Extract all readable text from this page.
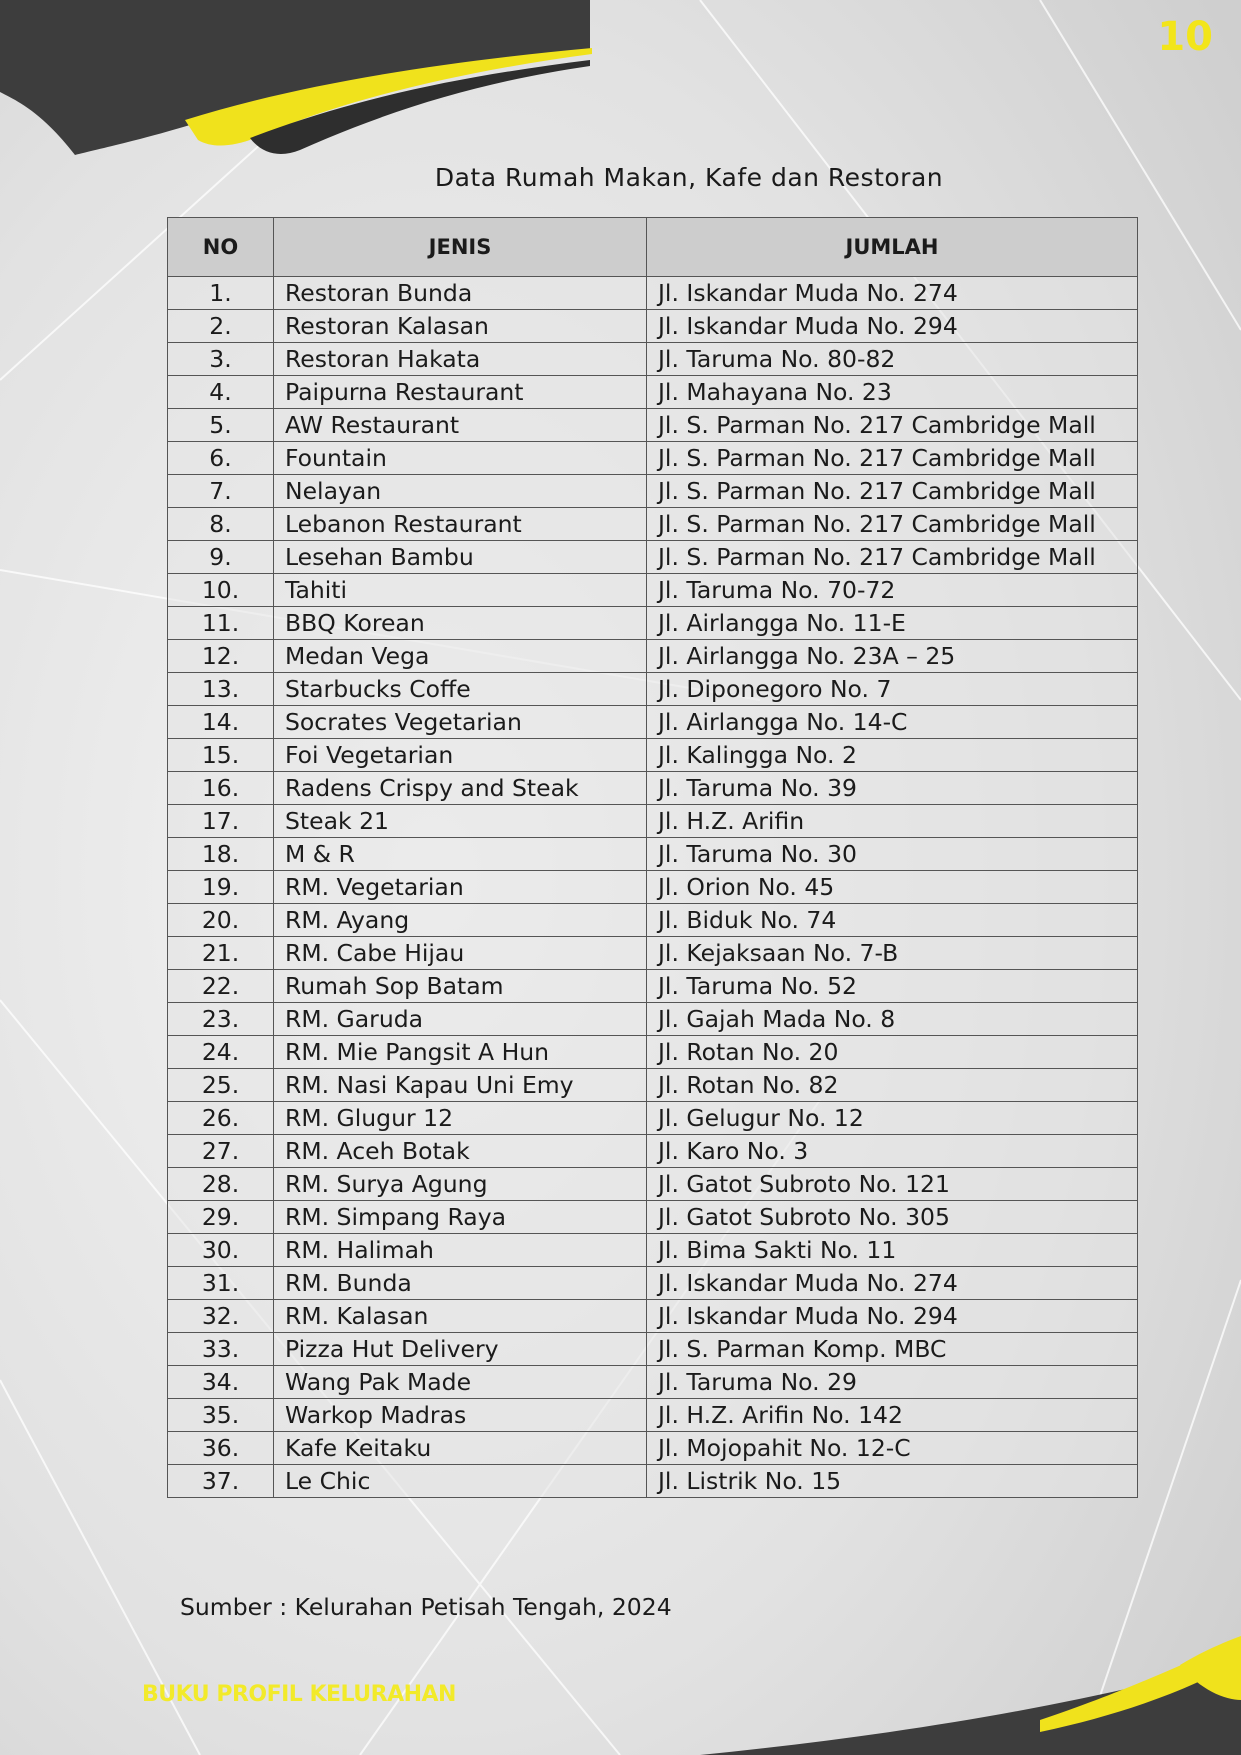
10
Data Rumah Makan, Kafe dan Restoran
NO	JENIS	JUMLAH
1.	Restoran Bunda	Jl. Iskandar Muda No. 274
2.	Restoran Kalasan	Jl. Iskandar Muda No. 294
3.	Restoran Hakata	Jl. Taruma No. 80-82
4.	Paipurna Restaurant	Jl. Mahayana No. 23
5.	AW Restaurant	Jl. S. Parman No. 217 Cambridge Mall
6.	Fountain	Jl. S. Parman No. 217 Cambridge Mall
7.	Nelayan	Jl. S. Parman No. 217 Cambridge Mall
8.	Lebanon Restaurant	Jl. S. Parman No. 217 Cambridge Mall
9.	Lesehan Bambu	Jl. S. Parman No. 217 Cambridge Mall
10.	Tahiti	Jl. Taruma No. 70-72
11.	BBQ Korean	Jl. Airlangga No. 11-E
12.	Medan Vega	Jl. Airlangga No. 23A – 25
13.	Starbucks Coffe	Jl. Diponegoro No. 7
14.	Socrates Vegetarian	Jl. Airlangga No. 14-C
15.	Foi Vegetarian	Jl. Kalingga No. 2
16.	Radens Crispy and Steak	Jl. Taruma No. 39
17.	Steak 21	Jl. H.Z. Arifin
18.	M & R	Jl. Taruma No. 30
19.	RM. Vegetarian	Jl. Orion No. 45
20.	RM. Ayang	Jl. Biduk No. 74
21.	RM. Cabe Hijau	Jl. Kejaksaan No. 7-B
22.	Rumah Sop Batam	Jl. Taruma No. 52
23.	RM. Garuda	Jl. Gajah Mada No. 8
24.	RM. Mie Pangsit A Hun	Jl. Rotan No. 20
25.	RM. Nasi Kapau Uni Emy	Jl. Rotan No. 82
26.	RM. Glugur 12	Jl. Gelugur No. 12
27.	RM. Aceh Botak	Jl. Karo No. 3
28.	RM. Surya Agung	Jl. Gatot Subroto No. 121
29.	RM. Simpang Raya	Jl. Gatot Subroto No. 305
30.	RM. Halimah	Jl. Bima Sakti No. 11
31.	RM. Bunda	Jl. Iskandar Muda No. 274
32.	RM. Kalasan	Jl. Iskandar Muda No. 294
33.	Pizza Hut Delivery	Jl. S. Parman Komp. MBC
34.	Wang Pak Made	Jl. Taruma No. 29
35.	Warkop Madras	Jl. H.Z. Arifin No. 142
36.	Kafe Keitaku	Jl. Mojopahit No. 12-C
37.	Le Chic	Jl. Listrik No. 15
Sumber : Kelurahan Petisah Tengah, 2024
BUKU PROFIL KELURAHAN
